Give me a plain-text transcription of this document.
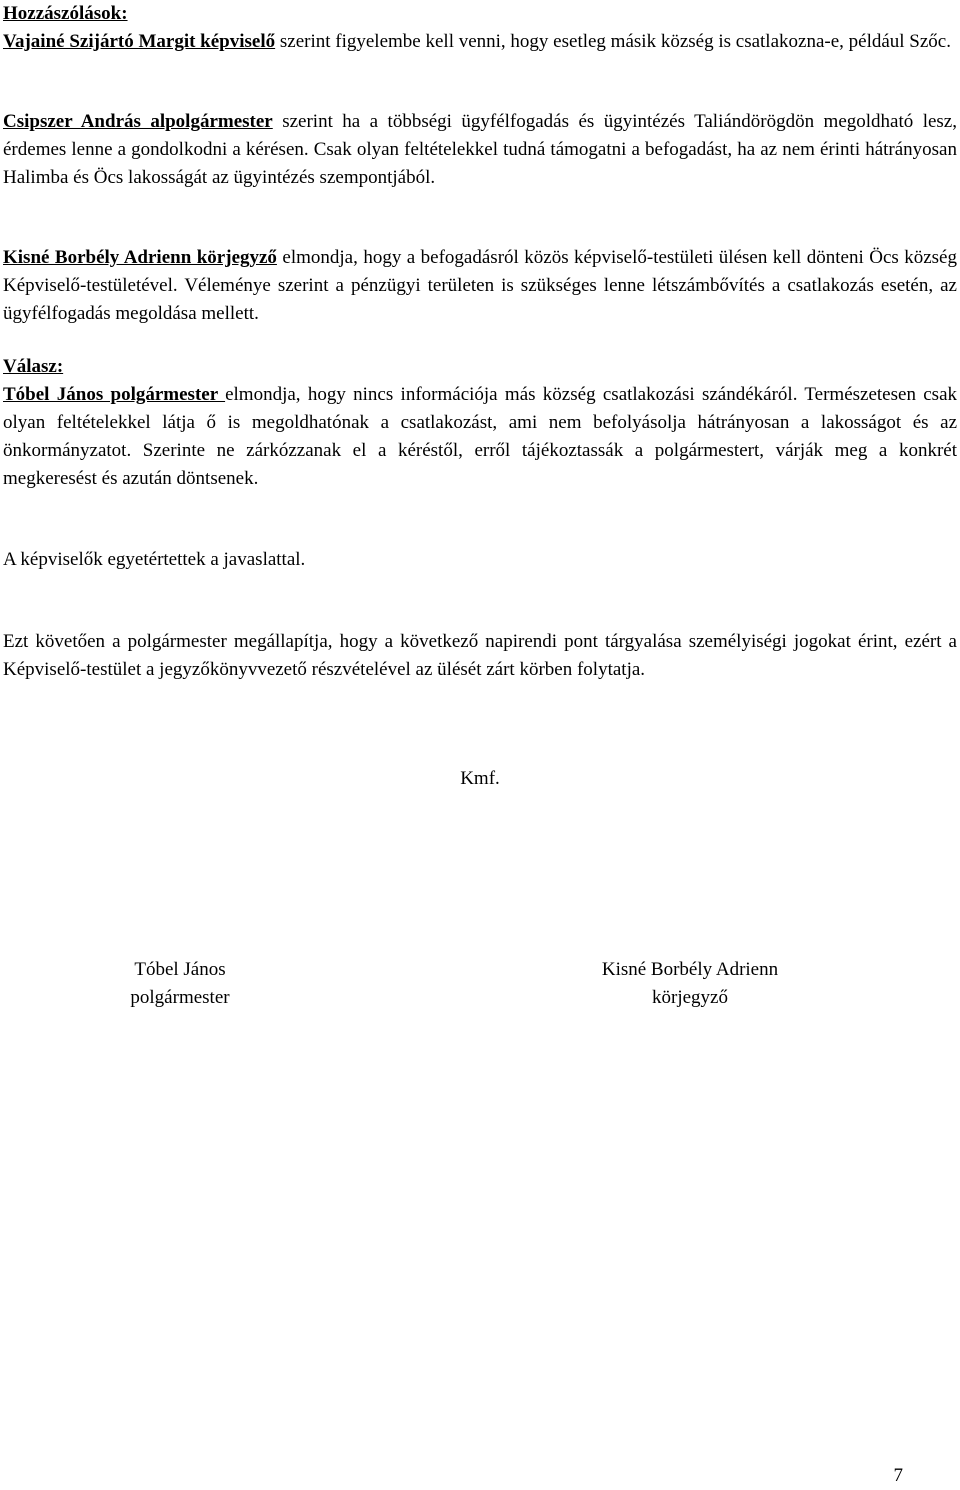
Hozzászólások:

Vajainé Szijártó Margit képviselő szerint figyelembe kell venni, hogy esetleg másik község is csatlakozna-e, például Szőc.

Csipszer András alpolgármester szerint ha a többségi ügyfélfogadás és ügyintézés Taliándörögdön megoldható lesz, érdemes lenne a gondolkodni a kérésen. Csak olyan feltételekkel tudná támogatni a befogadást, ha az nem érinti hátrányosan Halimba és Öcs lakosságát az ügyintézés szempontjából.

Kisné Borbély Adrienn körjegyző elmondja, hogy a befogadásról közös képviselő-testületi ülésen kell dönteni Öcs község Képviselő-testületével. Véleménye szerint a pénzügyi területen is szükséges lenne létszámbővítés a csatlakozás esetén, az ügyfélfogadás megoldása mellett.

Válasz:

Tóbel János polgármester elmondja, hogy nincs információja más község csatlakozási szándékáról. Természetesen csak olyan feltételekkel látja ő is megoldhatónak a csatlakozást, ami nem befolyásolja hátrányosan a lakosságot és az önkormányzatot. Szerinte ne zárkózzanak el a kéréstől, erről tájékoztassák a polgármestert, várják meg a konkrét megkeresést és azután döntsenek.

A képviselők egyetértettek a javaslattal.

Ezt követően a polgármester megállapítja, hogy a következő napirendi pont tárgyalása személyiségi jogokat érint, ezért a Képviselő-testület a jegyzőkönyvvezető részvételével az ülését zárt körben folytatja.

Kmf.
Tóbel János
polgármester
Kisné Borbély Adrienn
körjegyző
7
